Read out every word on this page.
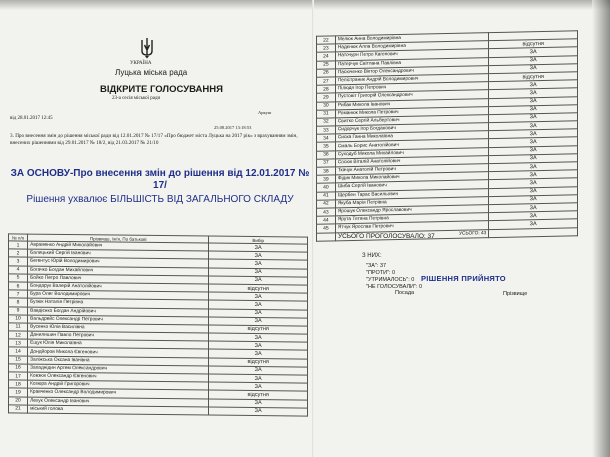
УКРАЇНА
Луцька міська рада
ВІДКРИТЕ ГОЛОСУВАННЯ
23-а сесія міської ради
від 28.01.2017 12:45
Аркуш
25.08.2017 13:18:53
3. Про внесення змін до рішення міської ради від 12.01.2017 № 17/17 «Про бюджет міста Луцька на 2017 рік» з врахуванням змін, внесених рішеннями від 29.01.2017 № 18/2, від 21.03.2017 № 21/10
ЗА ОСНОВУ-Про внесення змін до рішення від 12.01.2017 № 17/
Рішення ухвалює БІЛЬШІСТЬ ВІД ЗАГАЛЬНОГО СКЛАДУ
№ п/п	Прізвище, Ім'я, По батькові	Вибір
1	Авраменко Андрій Миколайович	ЗА
2	Балицький Сергій Іванович	ЗА
3	Бегентус Юрій Володимирович	ЗА
4	Богачко Богдан Михайлович	ЗА
5	Бойко Петро Павлович	ЗА
6	Бондарук Валерій Анатолійович	відсутня
7	Бура Олег Володимирович	ЗА
8	Бузюк Наталія Петрівна	ЗА
9	Вавдієнко Богдан Андрійович	ЗА
10	Вальдрейс Олександр Петрович	ЗА
11	Вусенко Юлія Василівна	відсутня
12	Данилишин Павло Петрович	ЗА
13	Ещук Юлія Миколаївна	ЗА
14	Дондйоров Микола Євгенович	ЗА
15	Заліжська Оксана Іванівна	відсутня
16	Западнідин Артем Олександрович	ЗА
17	Ковзюк Олександр Євгенович	ЗА
18	Козюра Андрій Григорович	ЗА
19	Кравченко Олександр Володимирович	відсутня
20	Лехук Олександр Іванович	ЗА
21	міський голова	ЗА
22	Мелюк Анна Володимирівна	
23	Надєнюк Алла Володимирівна	відсутня
24	Наточурн Петро Кагенович	ЗА
25	Патерчук Світлана Павлівна	ЗА
26	Пасюченко Віктор Олександрович	ЗА
27	Пелістраник Андрій Володимирович	відсутня
28	Пілюдя Ігор Петрович	ЗА
29	Пустовіт Григорій Олександрович	ЗА
30	Рибак Микола Іванович	ЗА
31	Романюк Микола Петрович	ЗА
32	Свитко Сергій Альбертович	ЗА
33	Сидорчук Ігор Богданович	ЗА
34	Сиска Ганна Миколаївна	ЗА
35	Смаль Борис Анатолійович	ЗА
36	Суходуб Микола Михайлович	ЗА
37	Сосюк Віталій Анатолійович	ЗА
38	Ткачук Анатолій Петрович	ЗА
39	Фідик Микола Миколайович	ЗА
40	Шиба Сергій Іванович	ЗА
41	Щербен Тарас Васильович	ЗА
42	Якуба Марія Петрівна	ЗА
43	Ярошук Олександр Ярославович	ЗА
44	Ярута Тетяна Петрівна	ЗА
45	Ятчук Ярослав Петрович	ЗА
	УСЬОГО: 43	
УСЬОГО ПРОГОЛОСУВАЛО: 37
З НИХ:
"ЗА": 37
"ПРОТИ": 0
"УТРИМАЛОСЬ": 0
"НЕ ГОЛОСУВАЛИ": 0
РІШЕННЯ ПРИЙНЯТО
Посада	Прізвище
